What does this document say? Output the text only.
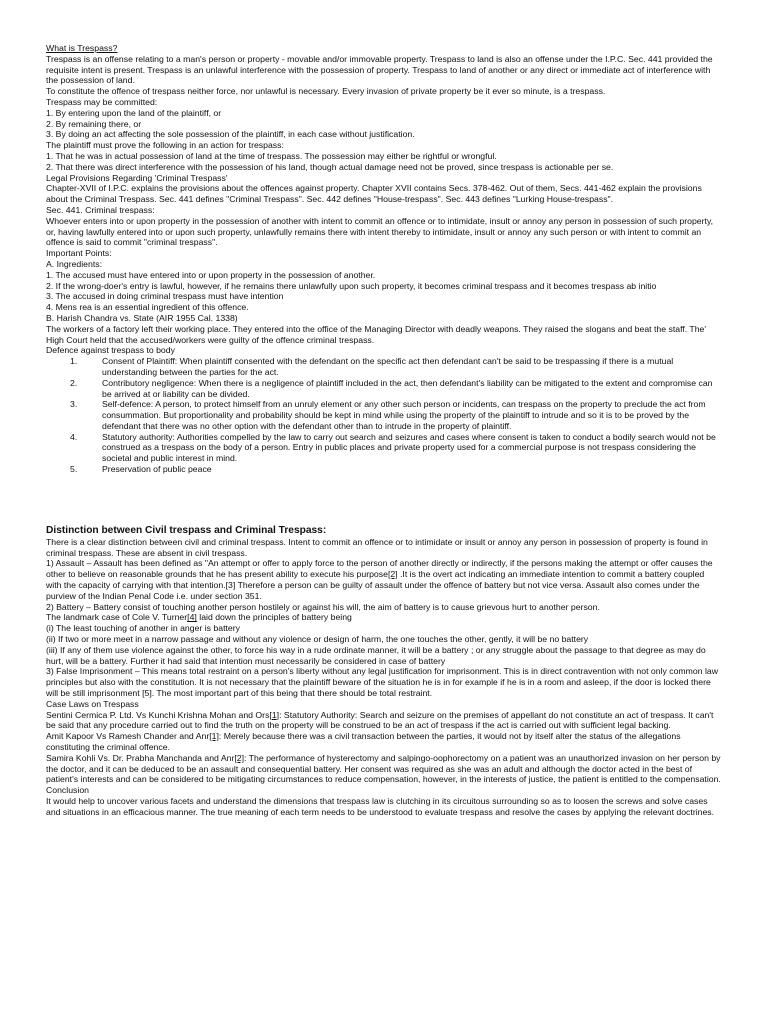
What is Trespass?

Trespass is an offense relating to a man's person or property - movable and/or immovable property. Trespass to land is also an offense under the I.P.C. Sec. 441 provided the requisite intent is present. Trespass is an unlawful interference with the possession of property. Trespass to land of another or any direct or immediate act of interference with the possession of land.

To constitute the offence of trespass neither force, nor unlawful is necessary. Every invasion of private property be it ever so minute, is a trespass.

Trespass may be committed:

1. By entering upon the land of the plaintiff, or

2. By remaining there, or

3. By doing an act affecting the sole possession of the plaintiff, in each case without justification.

The plaintiff must prove the following in an action for trespass:

1. That he was in actual possession of land at the time of trespass. The possession may either be rightful or wrongful.

2. That there was direct interference with the possession of his land, though actual damage need not be proved, since trespass is actionable per se.

Legal Provisions Regarding 'Criminal Trespass'

Chapter-XVII of I.P.C. explains the provisions about the offences against property. Chapter XVII contains Secs. 378-462. Out of them, Secs. 441-462 explain the provisions about the Criminal Trespass. Sec. 441 defines "Criminal Trespass". Sec. 442 defines "House-trespass". Sec. 443 defines "Lurking House-trespass".

Sec. 441. Criminal trespass:

Whoever enters into or upon property in the possession of another with intent to commit an offence or to intimidate, insult or annoy any person in possession of such property, or, having lawfully entered into or upon such property, unlawfully remains there with intent thereby to intimidate, insult or annoy any such person or with intent to commit an offence is said to commit "criminal trespass".

Important Points:

A. Ingredients:

1. The accused must have entered into or upon property in the possession of another.

2. If the wrong-doer's entry is lawful, however, if he remains there unlawfully upon such property, it becomes criminal trespass and it becomes trespass ab initio

3. The accused in doing criminal trespass must have intention

4. Mens rea is an essential ingredient of this offence.

B. Harish Chandra vs. State (AIR 1955 Cal. 1338)

The workers of a factory left their working place. They entered into the office of the Managing Director with deadly weapons. They raised the slogans and beat the staff. The' High Court held that the accused/workers were guilty of the offence criminal trespass.

Defence against trespass to body

1.	Consent of Plaintiff: When plaintiff consented with the defendant on the specific act then defendant can't be said to be trespassing if there is a mutual understanding between the parties for the act.
2.	Contributory negligence: When there is a negligence of plaintiff included in the act, then defendant's liability can be mitigated to the extent and compromise can be arrived at or liability can be divided.
3.	Self-defence: A person, to protect himself from an unruly element or any other such person or incidents, can trespass on the property to preclude the act from consummation. But proportionality and probability should be kept in mind while using the property of the plaintiff to intrude and so it is to be proved by the defendant that there was no other option with the defendant other than to intrude in the property of plaintiff.
4.	Statutory authority: Authorities compelled by the law to carry out search and seizures and cases where consent is taken to conduct a bodily search would not be construed as a trespass on the body of a person. Entry in public places and private property used for a commercial purpose is not trespass considering the societal and public interest in mind.
5.	Preservation of public peace

Distinction between Civil trespass and Criminal Trespass:

There is a clear distinction between civil and criminal trespass. Intent to commit an offence or to intimidate or insult or annoy any person in possession of property is found in criminal trespass. These are absent in civil trespass.

1) Assault – Assault has been defined as "An attempt or offer to apply force to the person of another directly or indirectly, if the persons making the attempt or offer causes the other to believe on reasonable grounds that he has present ability to execute his purpose[2] .It is the overt act indicating an immediate intention to commit a battery coupled with the capacity of carrying with that intention.[3] Therefore a person can be guilty of assault under the offence of battery but not vice versa. Assault also comes under the purview of the Indian Penal Code i.e. under section 351.

2) Battery – Battery consist of touching another person hostilely or against his will, the aim of battery is to cause grievous hurt to another person.

The landmark case of Cole V. Turner[4] laid down the principles of battery being

(i) The least touching of another in anger is battery

(ii) If two or more meet in a narrow passage and without any violence or design of harm, the one touches the other, gently, it will be no battery

(iii) If any of them use violence against the other, to force his way in a rude ordinate manner, it will be a battery ; or any struggle about the passage to that degree as may do hurt, will be a battery. Further it had said that intention must necessarily be considered in case of battery

3) False Imprisonment – This means total restraint on a person's liberty without any legal justification for imprisonment. This is in direct contravention with not only common law principles but also with the constitution. It is not necessary that the plaintiff beware of the situation he is in for example if he is in a room and asleep, if the door is locked there will be still imprisonment [5]. The most important part of this being that there should be total restraint.

Case Laws on Trespass

Sentini Cermica P. Ltd. Vs Kunchi Krishna Mohan and Ors[1]: Statutory Authority: Search and seizure on the premises of appellant do not constitute an act of trespass. It can't be said that any procedure carried out to find the truth on the property will be construed to be an act of trespass if the act is carried out with sufficient legal backing.

Amit Kapoor Vs Ramesh Chander and Anr[1]: Merely because there was a civil transaction between the parties, it would not by itself alter the status of the allegations constituting the criminal offence.

Samira Kohli Vs. Dr. Prabha Manchanda and Anr[2]: The performance of hysterectomy and salpingo-oophorectomy on a patient was an unauthorized invasion on her person by the doctor, and it can be deduced to be an assault and consequential battery. Her consent was required as she was an adult and although the doctor acted in the best of patient's interests and can be considered to be mitigating circumstances to reduce compensation, however, in the interests of justice, the patient is entitled to the compensation.

Conclusion

It would help to uncover various facets and understand the dimensions that trespass law is clutching in its circuitous surrounding so as to loosen the screws and solve cases and situations in an efficacious manner. The true meaning of each term needs to be understood to evaluate trespass and resolve the cases by applying the relevant doctrines.
